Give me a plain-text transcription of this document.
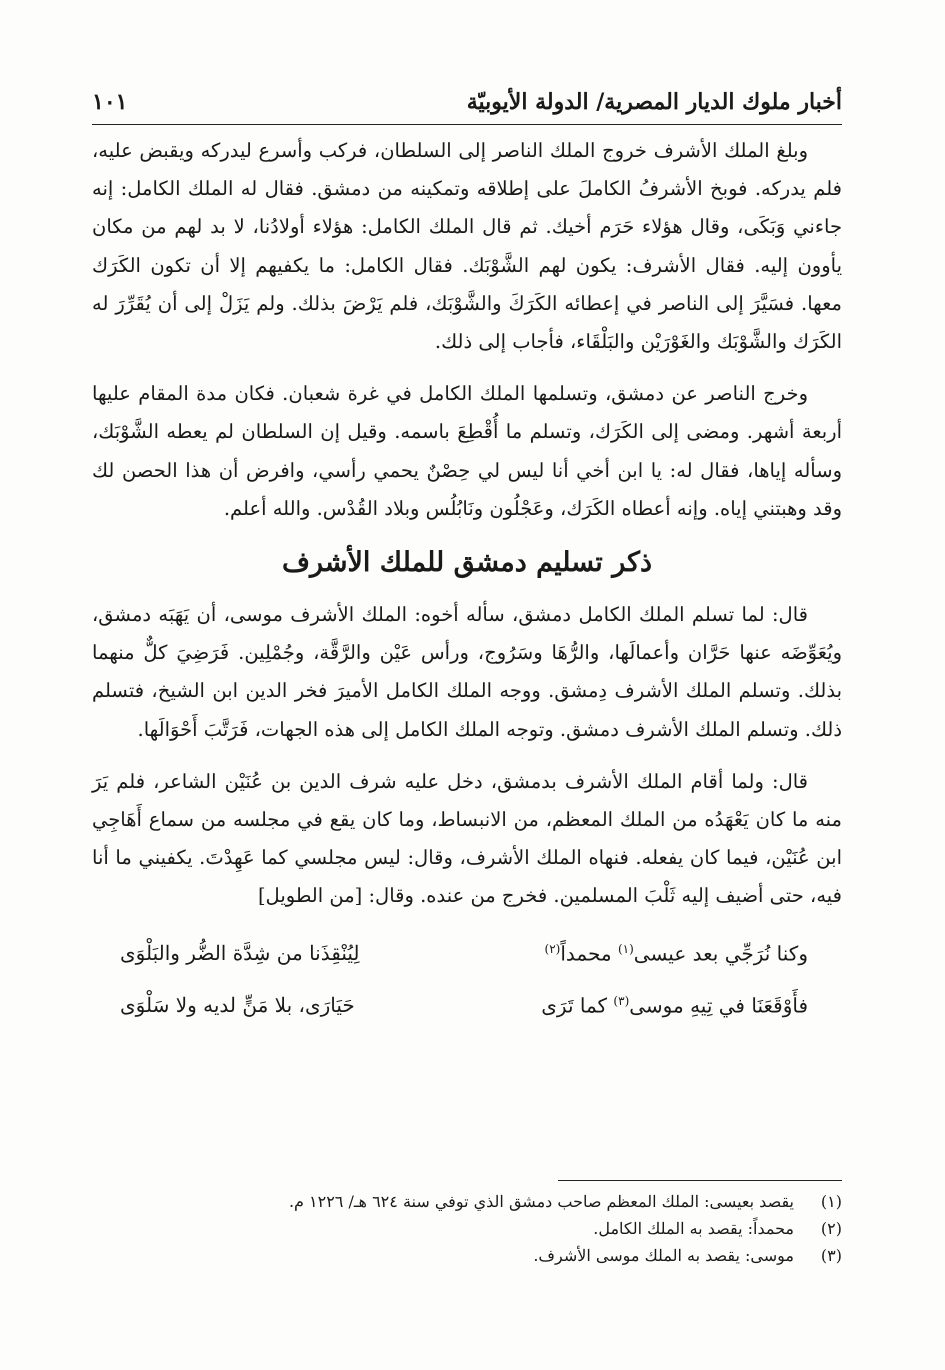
أخبار ملوك الديار المصرية/ الدولة الأيوبيّة
١٠١

وبلغ الملك الأشرف خروج الملك الناصر إلى السلطان، فركب وأسرع ليدركه ويقبض عليه، فلم يدركه. فوبخ الأشرفُ الكاملَ على إطلاقه وتمكينه من دمشق. فقال له الملك الكامل: إنه جاءني وَبَكَى، وقال هؤلاء حَرَم أخيك. ثم قال الملك الكامل: هؤلاء أولادُنا، لا بد لهم من مكان يأوون إليه. فقال الأشرف: يكون لهم الشَّوْبَك. فقال الكامل: ما يكفيهم إلا أن تكون الكَرَك معها. فسَيَّرَ إلى الناصر في إعطائه الكَرَكَ والشَّوْبَك، فلم يَرْضَ بذلك. ولم يَزَلْ إلى أن يُقَرِّرَ له الكَرَك والشَّوْبَك والغَوْرَيْن والبَلْقَاء، فأجاب إلى ذلك.

وخرج الناصر عن دمشق، وتسلمها الملك الكامل في غرة شعبان. فكان مدة المقام عليها أربعة أشهر. ومضى إلى الكَرَك، وتسلم ما أُقْطِعَ باسمه. وقيل إن السلطان لم يعطه الشَّوْبَك، وسأله إياها، فقال له: يا ابن أخي أنا ليس لي حِصْنٌ يحمي رأسي، وافرض أن هذا الحصن لك وقد وهبتني إياه. وإنه أعطاه الكَرَك، وعَجْلُون ونَابُلُس وبلاد القُدْس. والله أعلم.

ذكر تسليم دمشق للملك الأشرف

قال: لما تسلم الملك الكامل دمشق، سأله أخوه: الملك الأشرف موسى، أن يَهَبَه دمشق، ويُعَوِّضَه عنها حَرَّان وأعمالَها، والرُّهَا وسَرُوج، ورأس عَيْن والرَّقَّة، وجُمْلِين. فَرَضِيَ كلٌّ منهما بذلك. وتسلم الملك الأشرف دِمشق. ووجه الملك الكامل الأميرَ فخر الدين ابن الشيخ، فتسلم ذلك. وتسلم الملك الأشرف دمشق. وتوجه الملك الكامل إلى هذه الجهات، فَرَتَّبَ أَحْوَالَها.

قال: ولما أقام الملك الأشرف بدمشق، دخل عليه شرف الدين بن عُنَيْن الشاعر، فلم يَرَ منه ما كان يَعْهَدُه من الملك المعظم، من الانبساط، وما كان يقع في مجلسه من سماع أَهَاجِي ابن عُنَيْن، فيما كان يفعله. فنهاه الملك الأشرف، وقال: ليس مجلسي كما عَهِدْتَ. يكفيني ما أنا فيه، حتى أضيف إليه ثَلْبَ المسلمين. فخرج من عنده. وقال: [من الطويل]

وكنا نُرَجِّي بعد عيسى$^{(١)}$ محمداً$^{(٢)}$
لِيُنْقِذَنا من شِدَّة الضُّر والبَلْوَى
فأَوْقَعَنَا في تِيهِ موسى$^{(٣)}$ كما تَرَى
حَيَارَى، بلا مَنٍّ لديه ولا سَلْوَى
(١)
يقصد بعيسى: الملك المعظم صاحب دمشق الذي توفي سنة ٦٢٤ هـ/ ١٢٢٦ م.
(٢)
محمداً: يقصد به الملك الكامل.
(٣)
موسى: يقصد به الملك موسى الأشرف.
